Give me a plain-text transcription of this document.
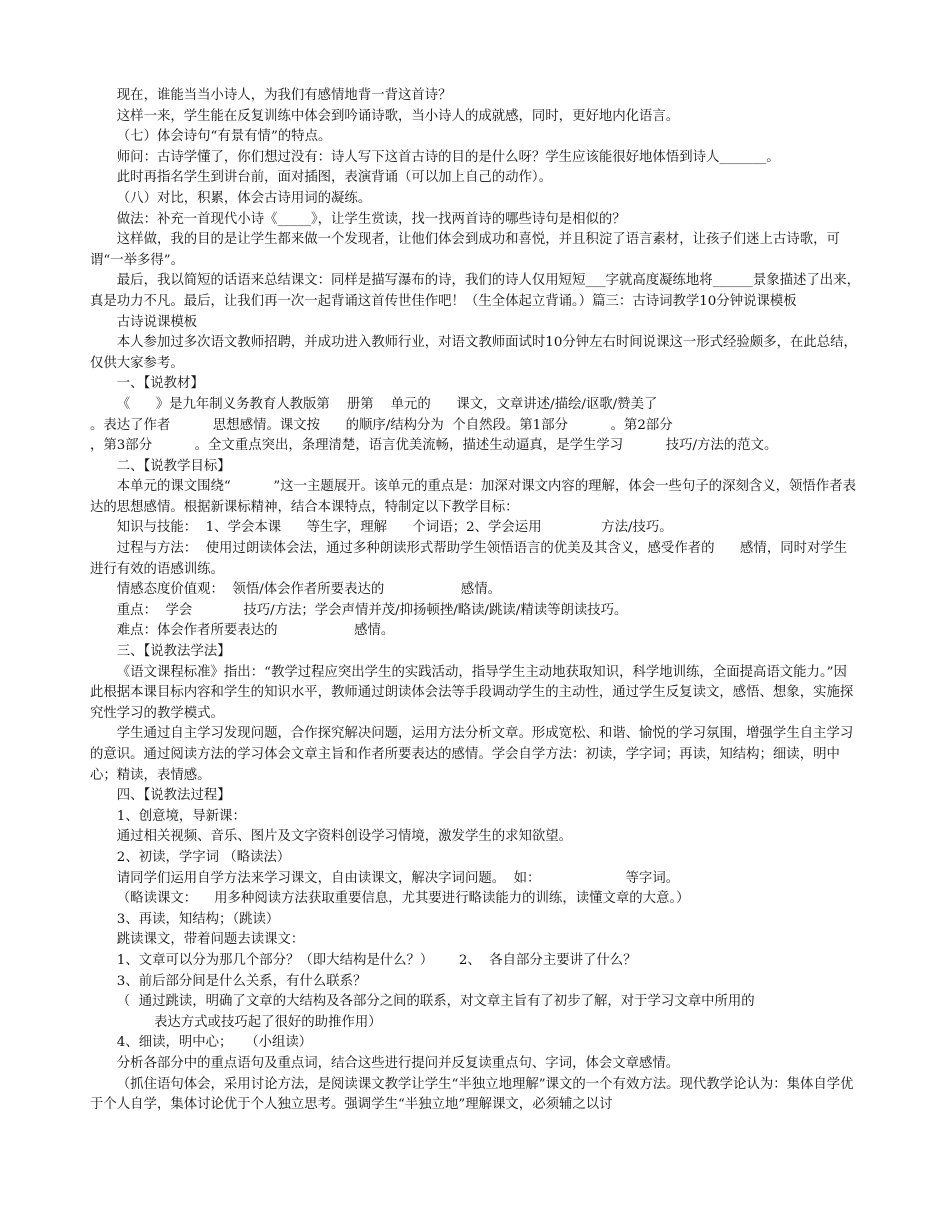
现在，谁能当当小诗人，为我们有感情地背一背这首诗？

这样一来，学生能在反复训练中体会到吟诵诗歌，当小诗人的成就感，同时，更好地内化语言。

（七）体会诗句“有景有情”的特点。

师问：古诗学懂了，你们想过没有：诗人写下这首古诗的目的是什么呀？学生应该能很好地体悟到诗人_______。

此时再指名学生到讲台前，面对插图，表演背诵（可以加上自己的动作）。

（八）对比，积累，体会古诗用词的凝练。

做法：补充一首现代小诗《_____》，让学生赏读，找一找两首诗的哪些诗句是相似的？

这样做，我的目的是让学生都来做一个发现者，让他们体会到成功和喜悦，并且积淀了语言素材，让孩子们迷上古诗歌，可谓“一举多得”。

最后，我以简短的话语来总结课文：同样是描写瀑布的诗，我们的诗人仅用短短___字就高度凝练地将______景象描述了出来，真是功力不凡。最后，让我们再一次一起背诵这首传世佳作吧！（生全体起立背诵。）篇三：古诗词教学10分钟说课模板

古诗说课模板

本人参加过多次语文教师招聘，并成功进入教师行业，对语文教师面试时10分钟左右时间说课这一形式经验颇多，在此总结，仅供大家参考。

一、【说教材】

《      》是九年制义务教育人教版第    册第    单元的      课文，文章讲述/描绘/讴歌/赞美了

。表达了作者          思想感情。课文按      的顺序/结构分为  个自然段。第1部分          。第2部分

，第3部分          。全文重点突出，条理清楚，语言优美流畅，描述生动逼真，是学生学习          技巧/方法的范文。

二、【说教学目标】

本单元的课文围绕“          ”这一主题展开。该单元的重点是：加深对课文内容的理解，体会一些句子的深刻含义，领悟作者表达的思想感情。根据新课标精神，结合本课特点，特制定以下教学目标：

知识与技能：  1、学会本课      等生字，理解      个词语；2、学会运用              方法/技巧。

过程与方法：  使用过朗读体会法，通过多种朗读形式帮助学生领悟语言的优美及其含义，感受作者的      感情，同时对学生进行有效的语感训练。

情感态度价值观：  领悟/体会作者所要表达的                  感情。

重点：  学会            技巧/方法；学会声情并茂/抑扬顿挫/略读/跳读/精读等朗读技巧。

难点：体会作者所要表达的                  感情。

三、【说教法学法】

《语文课程标准》指出：“教学过程应突出学生的实践活动，指导学生主动地获取知识，科学地训练，全面提高语文能力。”因此根据本课目标内容和学生的知识水平，教师通过朗读体会法等手段调动学生的主动性，通过学生反复读文，感悟、想象，实施探究性学习的教学模式。

学生通过自主学习发现问题，合作探究解决问题，运用方法分析文章。形成宽松、和谐、愉悦的学习氛围，增强学生自主学习的意识。通过阅读方法的学习体会文章主旨和作者所要表达的感情。学会自学方法：初读，学字词；再读，知结构；细读，明中心；精读，表情感。

四、【说教法过程】

1、创意境，导新课：

通过相关视频、音乐、图片及文字资料创设学习情境，激发学生的求知欲望。

2、初读，学字词 （略读法）

请同学们运用自学方法来学习课文，自由读课文，解决字词问题。  如：                    等字词。

（略读课文：    用多种阅读方法获取重要信息，尤其要进行略读能力的训练，读懂文章的大意。）

3、再读，知结构；（跳读）

跳读课文，带着问题去读课文：

1、文章可以分为那几个部分？（即大结构是什么？）      2、  各自部分主要讲了什么？

3、前后部分间是什么关系，有什么联系？

（  通过跳读，明确了文章的大结构及各部分之间的联系，对文章主旨有了初步了解，对于学习文章中所用的

表达方式或技巧起了很好的助推作用）

4、细读，明中心；   （小组读）

分析各部分中的重点语句及重点词，结合这些进行提问并反复读重点句、字词，体会文章感情。

（抓住语句体会，采用讨论方法，是阅读课文教学让学生“半独立地理解”课文的一个有效方法。现代教学论认为：集体自学优于个人自学，集体讨论优于个人独立思考。强调学生“半独立地”理解课文，必须辅之以讨
